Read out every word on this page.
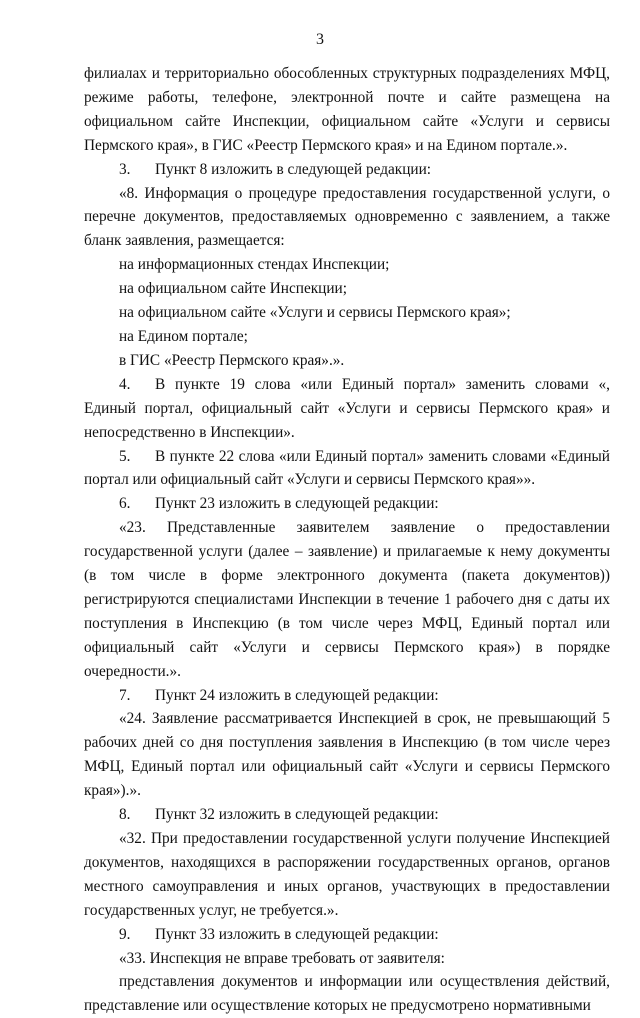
3

филиалах и территориально обособленных структурных подразделениях МФЦ, режиме работы, телефоне, электронной почте и сайте размещена на официальном сайте Инспекции, официальном сайте «Услуги и сервисы Пермского края», в ГИС «Реестр Пермского края» и на Едином портале.».

3. Пункт 8 изложить в следующей редакции:

«8. Информация о процедуре предоставления государственной услуги, о перечне документов, предоставляемых одновременно с заявлением, а также бланк заявления, размещается:

на информационных стендах Инспекции;

на официальном сайте Инспекции;

на официальном сайте «Услуги и сервисы Пермского края»;

на Едином портале;

в ГИС «Реестр Пермского края».».

4. В пункте 19 слова «или Единый портал» заменить словами «, Единый портал, официальный сайт «Услуги и сервисы Пермского края» и непосредственно в Инспекции».

5. В пункте 22 слова «или Единый портал» заменить словами «Единый портал или официальный сайт «Услуги и сервисы Пермского края»».

6. Пункт 23 изложить в следующей редакции:

«23. Представленные заявителем заявление о предоставлении государственной услуги (далее – заявление) и прилагаемые к нему документы (в том числе в форме электронного документа (пакета документов)) регистрируются специалистами Инспекции в течение 1 рабочего дня с даты их поступления в Инспекцию (в том числе через МФЦ, Единый портал или официальный сайт «Услуги и сервисы Пермского края») в порядке очередности.».

7. Пункт 24 изложить в следующей редакции:

«24. Заявление рассматривается Инспекцией в срок, не превышающий 5 рабочих дней со дня поступления заявления в Инспекцию (в том числе через МФЦ, Единый портал или официальный сайт «Услуги и сервисы Пермского края»).».

8. Пункт 32 изложить в следующей редакции:

«32. При предоставлении государственной услуги получение Инспекцией документов, находящихся в распоряжении государственных органов, органов местного самоуправления и иных органов, участвующих в предоставлении государственных услуг, не требуется.».

9. Пункт 33 изложить в следующей редакции:

«33. Инспекция не вправе требовать от заявителя:

представления документов и информации или осуществления действий, представление или осуществление которых не предусмотрено нормативными
